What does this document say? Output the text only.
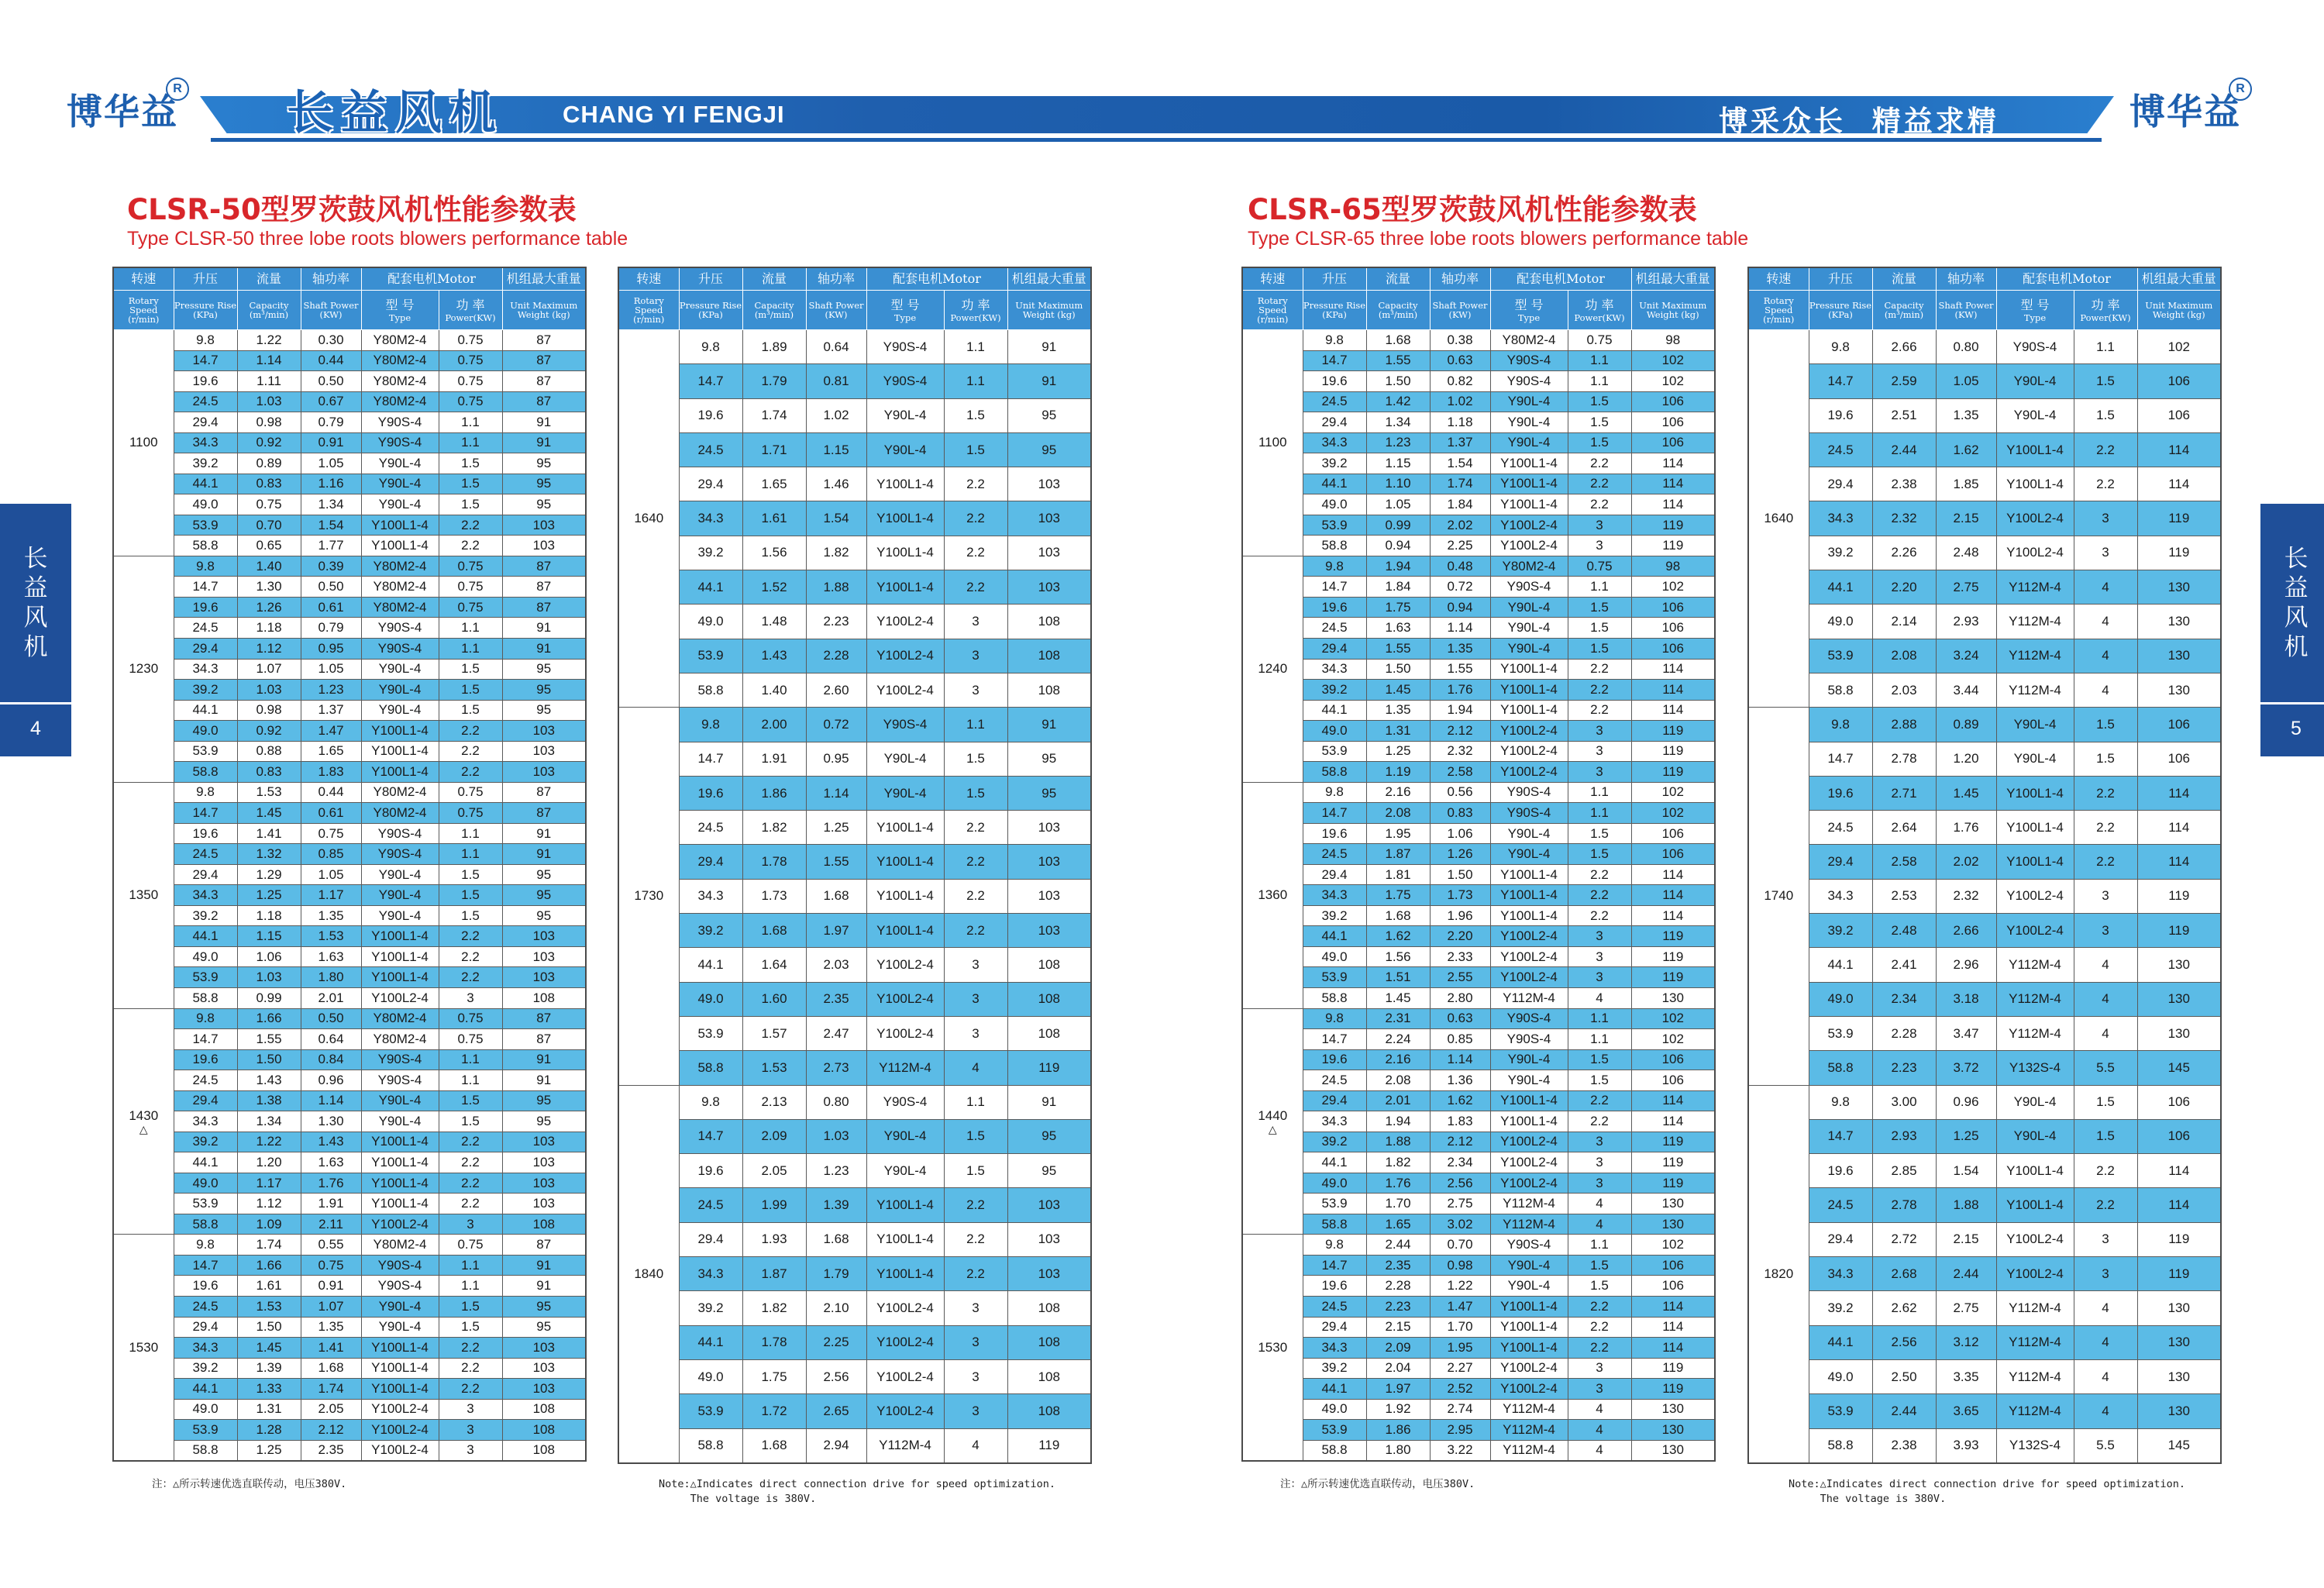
博华益
R 长益风机 CHANG YI FENGJI	博采众长  精益求精	博华益
R
CLSR-50型罗茨鼓风机性能参数表
Type CLSR-50 three lobe roots blowers performance table
CLSR-65型罗茨鼓风机性能参数表
Type CLSR-65 three lobe roots blowers performance table
长
益
风
机
4
长
益
风
机
5
转速	升压	流量	轴功率	配套电机Motor		机组最大重量

Rotary Speed (r/min)	Pressure Rise (KPa)	Capacity (m³/min)	Shaft Power (KW)	型 号
Type	功 率
Power(KW)	Unit Maximum Weight (kg)

1100	9.8	1.22	0.30	Y80M2-4	0.75	87
	14.7	1.14	0.44	Y80M2-4	0.75	87
	19.6	1.11	0.50	Y80M2-4	0.75	87
	24.5	1.03	0.67	Y80M2-4	0.75	87
	29.4	0.98	0.79	Y90S-4	1.1	91
	34.3	0.92	0.91	Y90S-4	1.1	91
	39.2	0.89	1.05	Y90L-4	1.5	95
	44.1	0.83	1.16	Y90L-4	1.5	95
	49.0	0.75	1.34	Y90L-4	1.5	95
	53.9	0.70	1.54	Y100L1-4	2.2	103
	58.8	0.65	1.77	Y100L1-4	2.2	103
1230	9.8	1.40	0.39	Y80M2-4	0.75	87
	14.7	1.30	0.50	Y80M2-4	0.75	87
	19.6	1.26	0.61	Y80M2-4	0.75	87
	24.5	1.18	0.79	Y90S-4	1.1	91
	29.4	1.12	0.95	Y90S-4	1.1	91
	34.3	1.07	1.05	Y90L-4	1.5	95
	39.2	1.03	1.23	Y90L-4	1.5	95
	44.1	0.98	1.37	Y90L-4	1.5	95
	49.0	0.92	1.47	Y100L1-4	2.2	103
	53.9	0.88	1.65	Y100L1-4	2.2	103
	58.8	0.83	1.83	Y100L1-4	2.2	103
1350	9.8	1.53	0.44	Y80M2-4	0.75	87
	14.7	1.45	0.61	Y80M2-4	0.75	87
	19.6	1.41	0.75	Y90S-4	1.1	91
	24.5	1.32	0.85	Y90S-4	1.1	91
	29.4	1.29	1.05	Y90L-4	1.5	95
	34.3	1.25	1.17	Y90L-4	1.5	95
	39.2	1.18	1.35	Y90L-4	1.5	95
	44.1	1.15	1.53	Y100L1-4	2.2	103
	49.0	1.06	1.63	Y100L1-4	2.2	103
	53.9	1.03	1.80	Y100L1-4	2.2	103
	58.8	0.99	2.01	Y100L2-4	3	108
1430
△	9.8	1.66	0.50	Y80M2-4	0.75	87
	14.7	1.55	0.64	Y80M2-4	0.75	87
	19.6	1.50	0.84	Y90S-4	1.1	91
	24.5	1.43	0.96	Y90S-4	1.1	91
	29.4	1.38	1.14	Y90L-4	1.5	95
	34.3	1.34	1.30	Y90L-4	1.5	95
	39.2	1.22	1.43	Y100L1-4	2.2	103
	44.1	1.20	1.63	Y100L1-4	2.2	103
	49.0	1.17	1.76	Y100L1-4	2.2	103
	53.9	1.12	1.91	Y100L1-4	2.2	103
	58.8	1.09	2.11	Y100L2-4	3	108
1530	9.8	1.74	0.55	Y80M2-4	0.75	87
	14.7	1.66	0.75	Y90S-4	1.1	91
	19.6	1.61	0.91	Y90S-4	1.1	91
	24.5	1.53	1.07	Y90L-4	1.5	95
	29.4	1.50	1.35	Y90L-4	1.5	95
	34.3	1.45	1.41	Y100L1-4	2.2	103
	39.2	1.39	1.68	Y100L1-4	2.2	103
	44.1	1.33	1.74	Y100L1-4	2.2	103
	49.0	1.31	2.05	Y100L2-4	3	108
	53.9	1.28	2.12	Y100L2-4	3	108
	58.8	1.25	2.35	Y100L2-4	3	108
转速	升压	流量	轴功率	配套电机Motor		机组最大重量

Rotary Speed (r/min)	Pressure Rise (KPa)	Capacity (m³/min)	Shaft Power (KW)	型 号
Type	功 率
Power(KW)	Unit Maximum Weight (kg)

1640	9.8	1.89	0.64	Y90S-4	1.1	91
	14.7	1.79	0.81	Y90S-4	1.1	91
	19.6	1.74	1.02	Y90L-4	1.5	95
	24.5	1.71	1.15	Y90L-4	1.5	95
	29.4	1.65	1.46	Y100L1-4	2.2	103
	34.3	1.61	1.54	Y100L1-4	2.2	103
	39.2	1.56	1.82	Y100L1-4	2.2	103
	44.1	1.52	1.88	Y100L1-4	2.2	103
	49.0	1.48	2.23	Y100L2-4	3	108
	53.9	1.43	2.28	Y100L2-4	3	108
	58.8	1.40	2.60	Y100L2-4	3	108
1730	9.8	2.00	0.72	Y90S-4	1.1	91
	14.7	1.91	0.95	Y90L-4	1.5	95
	19.6	1.86	1.14	Y90L-4	1.5	95
	24.5	1.82	1.25	Y100L1-4	2.2	103
	29.4	1.78	1.55	Y100L1-4	2.2	103
	34.3	1.73	1.68	Y100L1-4	2.2	103
	39.2	1.68	1.97	Y100L1-4	2.2	103
	44.1	1.64	2.03	Y100L2-4	3	108
	49.0	1.60	2.35	Y100L2-4	3	108
	53.9	1.57	2.47	Y100L2-4	3	108
	58.8	1.53	2.73	Y112M-4	4	119
1840	9.8	2.13	0.80	Y90S-4	1.1	91
	14.7	2.09	1.03	Y90L-4	1.5	95
	19.6	2.05	1.23	Y90L-4	1.5	95
	24.5	1.99	1.39	Y100L1-4	2.2	103
	29.4	1.93	1.68	Y100L1-4	2.2	103
	34.3	1.87	1.79	Y100L1-4	2.2	103
	39.2	1.82	2.10	Y100L2-4	3	108
	44.1	1.78	2.25	Y100L2-4	3	108
	49.0	1.75	2.56	Y100L2-4	3	108
	53.9	1.72	2.65	Y100L2-4	3	108
	58.8	1.68	2.94	Y112M-4	4	119
转速	升压	流量	轴功率	配套电机Motor		机组最大重量

Rotary Speed (r/min)	Pressure Rise (KPa)	Capacity (m³/min)	Shaft Power (KW)	型 号
Type	功 率
Power(KW)	Unit Maximum Weight (kg)

1100	9.8	1.68	0.38	Y80M2-4	0.75	98
	14.7	1.55	0.63	Y90S-4	1.1	102
	19.6	1.50	0.82	Y90S-4	1.1	102
	24.5	1.42	1.02	Y90L-4	1.5	106
	29.4	1.34	1.18	Y90L-4	1.5	106
	34.3	1.23	1.37	Y90L-4	1.5	106
	39.2	1.15	1.54	Y100L1-4	2.2	114
	44.1	1.10	1.74	Y100L1-4	2.2	114
	49.0	1.05	1.84	Y100L1-4	2.2	114
	53.9	0.99	2.02	Y100L2-4	3	119
	58.8	0.94	2.25	Y100L2-4	3	119
1240	9.8	1.94	0.48	Y80M2-4	0.75	98
	14.7	1.84	0.72	Y90S-4	1.1	102
	19.6	1.75	0.94	Y90L-4	1.5	106
	24.5	1.63	1.14	Y90L-4	1.5	106
	29.4	1.55	1.35	Y90L-4	1.5	106
	34.3	1.50	1.55	Y100L1-4	2.2	114
	39.2	1.45	1.76	Y100L1-4	2.2	114
	44.1	1.35	1.94	Y100L1-4	2.2	114
	49.0	1.31	2.12	Y100L2-4	3	119
	53.9	1.25	2.32	Y100L2-4	3	119
	58.8	1.19	2.58	Y100L2-4	3	119
1360	9.8	2.16	0.56	Y90S-4	1.1	102
	14.7	2.08	0.83	Y90S-4	1.1	102
	19.6	1.95	1.06	Y90L-4	1.5	106
	24.5	1.87	1.26	Y90L-4	1.5	106
	29.4	1.81	1.50	Y100L1-4	2.2	114
	34.3	1.75	1.73	Y100L1-4	2.2	114
	39.2	1.68	1.96	Y100L1-4	2.2	114
	44.1	1.62	2.20	Y100L2-4	3	119
	49.0	1.56	2.33	Y100L2-4	3	119
	53.9	1.51	2.55	Y100L2-4	3	119
	58.8	1.45	2.80	Y112M-4	4	130
1440
△	9.8	2.31	0.63	Y90S-4	1.1	102
	14.7	2.24	0.85	Y90S-4	1.1	102
	19.6	2.16	1.14	Y90L-4	1.5	106
	24.5	2.08	1.36	Y90L-4	1.5	106
	29.4	2.01	1.62	Y100L1-4	2.2	114
	34.3	1.94	1.83	Y100L1-4	2.2	114
	39.2	1.88	2.12	Y100L2-4	3	119
	44.1	1.82	2.34	Y100L2-4	3	119
	49.0	1.76	2.56	Y100L2-4	3	119
	53.9	1.70	2.75	Y112M-4	4	130
	58.8	1.65	3.02	Y112M-4	4	130
1530	9.8	2.44	0.70	Y90S-4	1.1	102
	14.7	2.35	0.98	Y90L-4	1.5	106
	19.6	2.28	1.22	Y90L-4	1.5	106
	24.5	2.23	1.47	Y100L1-4	2.2	114
	29.4	2.15	1.70	Y100L1-4	2.2	114
	34.3	2.09	1.95	Y100L1-4	2.2	114
	39.2	2.04	2.27	Y100L2-4	3	119
	44.1	1.97	2.52	Y100L2-4	3	119
	49.0	1.92	2.74	Y112M-4	4	130
	53.9	1.86	2.95	Y112M-4	4	130
	58.8	1.80	3.22	Y112M-4	4	130
转速	升压	流量	轴功率	配套电机Motor		机组最大重量

Rotary Speed (r/min)	Pressure Rise (KPa)	Capacity (m³/min)	Shaft Power (KW)	型 号
Type	功 率
Power(KW)	Unit Maximum Weight (kg)

1640	9.8	2.66	0.80	Y90S-4	1.1	102
	14.7	2.59	1.05	Y90L-4	1.5	106
	19.6	2.51	1.35	Y90L-4	1.5	106
	24.5	2.44	1.62	Y100L1-4	2.2	114
	29.4	2.38	1.85	Y100L1-4	2.2	114
	34.3	2.32	2.15	Y100L2-4	3	119
	39.2	2.26	2.48	Y100L2-4	3	119
	44.1	2.20	2.75	Y112M-4	4	130
	49.0	2.14	2.93	Y112M-4	4	130
	53.9	2.08	3.24	Y112M-4	4	130
	58.8	2.03	3.44	Y112M-4	4	130
1740	9.8	2.88	0.89	Y90L-4	1.5	106
	14.7	2.78	1.20	Y90L-4	1.5	106
	19.6	2.71	1.45	Y100L1-4	2.2	114
	24.5	2.64	1.76	Y100L1-4	2.2	114
	29.4	2.58	2.02	Y100L1-4	2.2	114
	34.3	2.53	2.32	Y100L2-4	3	119
	39.2	2.48	2.66	Y100L2-4	3	119
	44.1	2.41	2.96	Y112M-4	4	130
	49.0	2.34	3.18	Y112M-4	4	130
	53.9	2.28	3.47	Y112M-4	4	130
	58.8	2.23	3.72	Y132S-4	5.5	145
1820	9.8	3.00	0.96	Y90L-4	1.5	106
	14.7	2.93	1.25	Y90L-4	1.5	106
	19.6	2.85	1.54	Y100L1-4	2.2	114
	24.5	2.78	1.88	Y100L1-4	2.2	114
	29.4	2.72	2.15	Y100L2-4	3	119
	34.3	2.68	2.44	Y100L2-4	3	119
	39.2	2.62	2.75	Y112M-4	4	130
	44.1	2.56	3.12	Y112M-4	4	130
	49.0	2.50	3.35	Y112M-4	4	130
	53.9	2.44	3.65	Y112M-4	4	130
	58.8	2.38	3.93	Y132S-4	5.5	145
注：△所示转速优选直联传动，电压380V.	Note:△Indicates direct connection drive for speed optimization.
The voltage is 380V.
注：△所示转速优选直联传动，电压380V.	Note:△Indicates direct connection drive for speed optimization.
The voltage is 380V.
